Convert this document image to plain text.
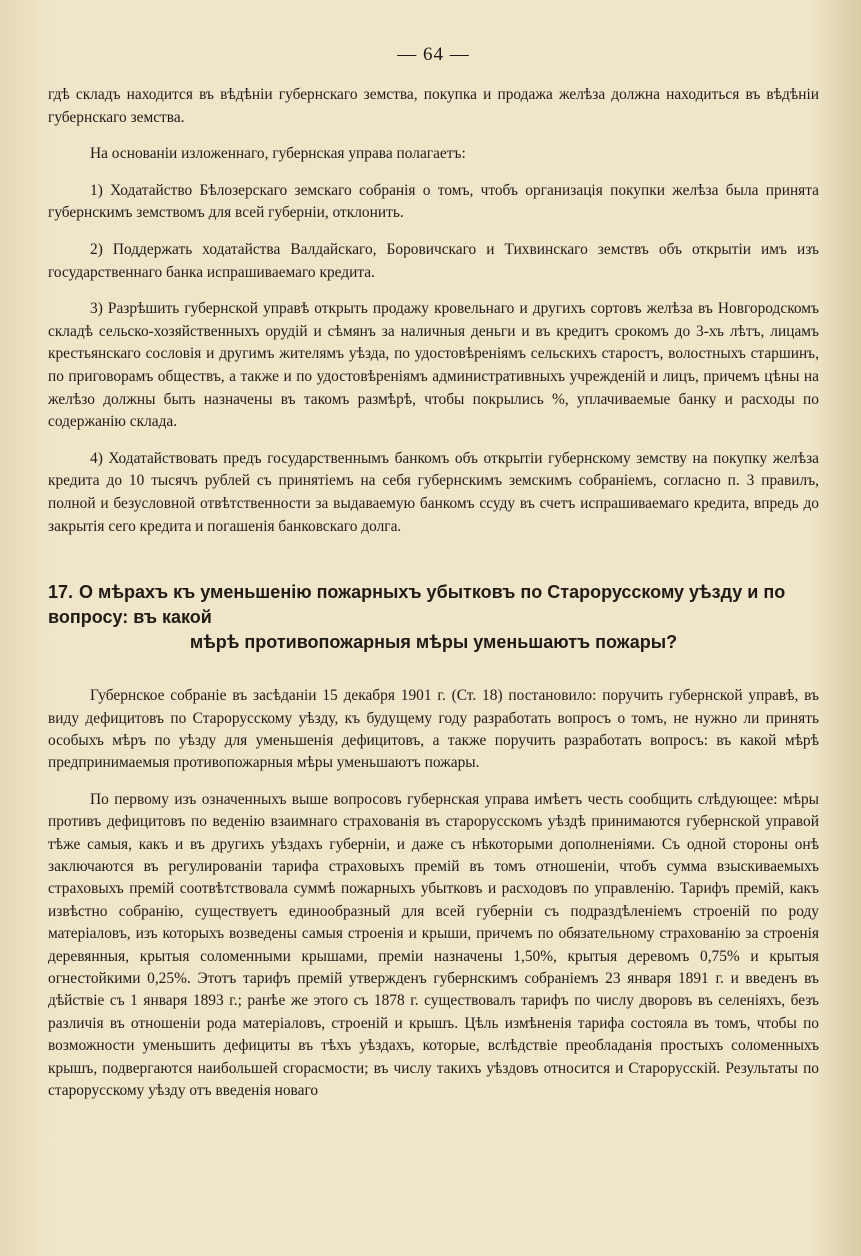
— 64 —

гдѣ складъ находится въ вѣдѣніи губернскаго земства, покупка и продажа желѣза должна находиться въ вѣдѣніи губернскаго земства.

На основаніи изложеннаго, губернская управа полагаетъ:

1) Ходатайство Бѣлозерскаго земскаго собранія о томъ, чтобъ организація покупки желѣза была принята губернскимъ земствомъ для всей губерніи, отклонить.

2) Поддержать ходатайства Валдайскаго, Боровичскаго и Тихвинскаго земствъ объ открытіи имъ изъ государственнаго банка испрашиваемаго кредита.

3) Разрѣшить губернской управѣ открыть продажу кровельнаго и другихъ сортовъ желѣза въ Новгородскомъ складѣ сельско-хозяйственныхъ орудій и сѣмянъ за наличныя деньги и въ кредитъ срокомъ до 3-хъ лѣтъ, лицамъ крестьянскаго сословія и другимъ жителямъ уѣзда, по удостовѣреніямъ сельскихъ старостъ, волостныхъ старшинъ, по приговорамъ обществъ, а также и по удостовѣреніямъ административныхъ учрежденій и лицъ, причемъ цѣны на желѣзо должны быть назначены въ такомъ размѣрѣ, чтобы покрылись %, уплачиваемые банку и расходы по содержанію склада.

4) Ходатайствовать предъ государственнымъ банкомъ объ открытіи губернскому земству на покупку желѣза кредита до 10 тысячъ рублей съ принятіемъ на себя губернскимъ земскимъ собраніемъ, согласно п. 3 правилъ, полной и безусловной отвѣтственности за выдаваемую банкомъ ссуду въ счетъ испрашиваемаго кредита, впредь до закрытія сего кредита и погашенія банковскаго долга.

17. О мѣрахъ къ уменьшенію пожарныхъ убытковъ по Старорусскому уѣзду и по вопросу: въ какой
мѣрѣ противопожарныя мѣры уменьшаютъ пожары?

Губернское собраніе въ засѣданіи 15 декабря 1901 г. (Ст. 18) постановило: поручить губернской управѣ, въ виду дефицитовъ по Старорусскому уѣзду, къ будущему году разработать вопросъ о томъ, не нужно ли принять особыхъ мѣръ по уѣзду для уменьшенія дефицитовъ, а также поручить разработать вопросъ: въ какой мѣрѣ предпринимаемыя противопожарныя мѣры уменьшаютъ пожары.

По первому изъ означенныхъ выше вопросовъ губернская управа имѣетъ честь сообщить слѣдующее: мѣры противъ дефицитовъ по веденію взаимнаго страхованія въ старорусскомъ уѣздѣ принимаются губернской управой тѣже самыя, какъ и въ другихъ уѣздахъ губерніи, и даже съ нѣкоторыми дополненіями. Съ одной стороны онѣ заключаются въ регулированіи тарифа страховыхъ премій въ томъ отношеніи, чтобъ сумма взыскиваемыхъ страховыхъ премій соотвѣтствовала суммѣ пожарныхъ убытковъ и расходовъ по управленію. Тарифъ премій, какъ извѣстно собранію, существуетъ единообразный для всей губерніи съ подраздѣленіемъ строеній по роду матеріаловъ, изъ которыхъ возведены самыя строенія и крыши, причемъ по обязательному страхованію за строенія деревянныя, крытыя соломенными крышами, преміи назначены 1,50%, крытыя деревомъ 0,75% и крытыя огнестойкими 0,25%. Этотъ тарифъ премій утвержденъ губернскимъ собраніемъ 23 января 1891 г. и введенъ въ дѣйствіе съ 1 января 1893 г.; ранѣе же этого съ 1878 г. существовалъ тарифъ по числу дворовъ въ селеніяхъ, безъ различія въ отношеніи рода матеріаловъ, строеній и крышъ. Цѣль измѣненія тарифа состояла въ томъ, чтобы по возможности уменьшить дефициты въ тѣхъ уѣздахъ, которые, вслѣдствіе преобладанія простыхъ соломенныхъ крышъ, подвергаются наибольшей сгорасмости; въ числу такихъ уѣздовъ относится и Старорусскій. Результаты по старорусскому уѣзду отъ введенія новаго
